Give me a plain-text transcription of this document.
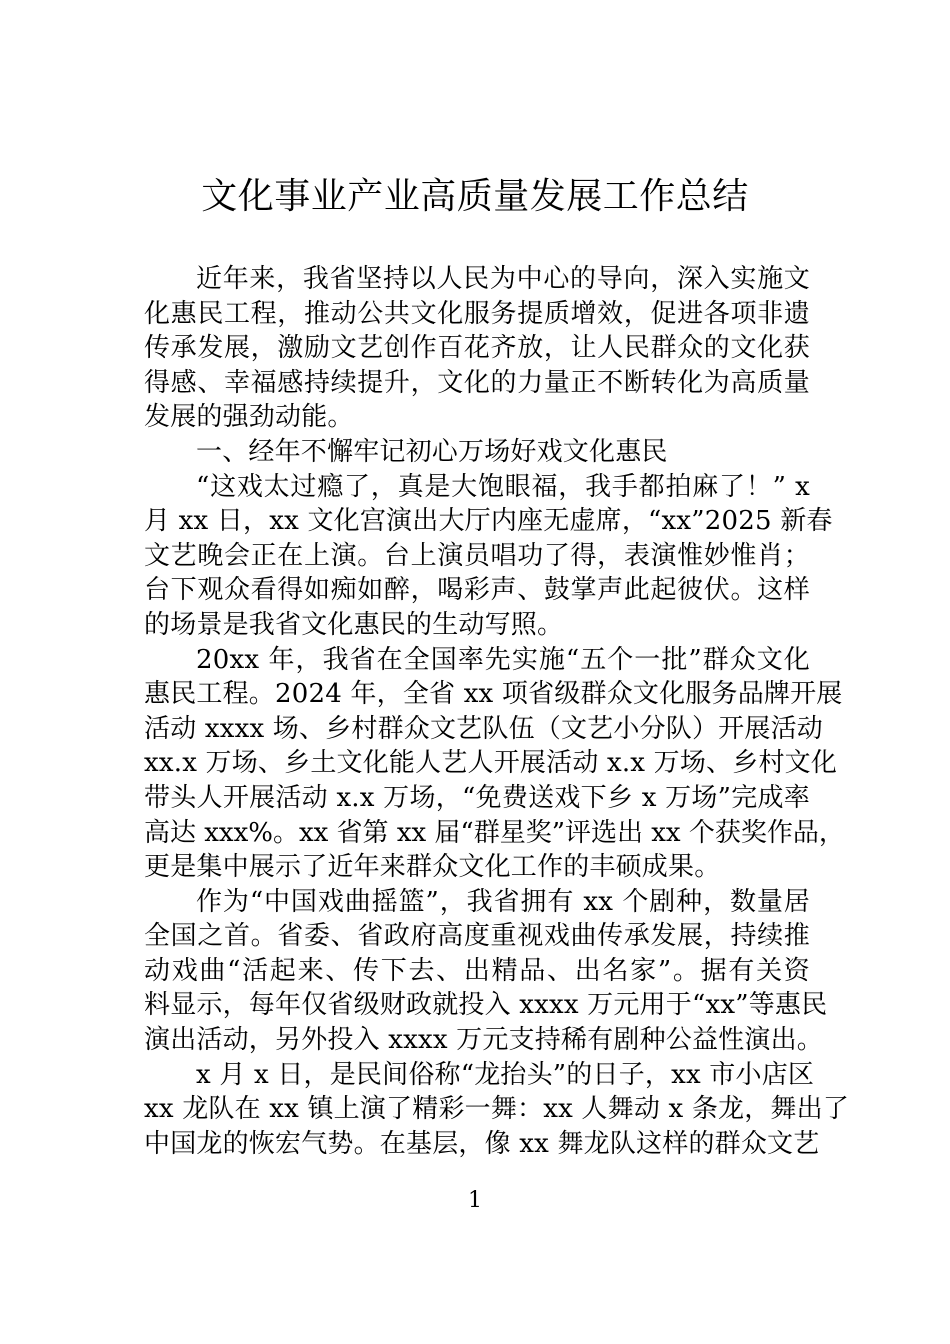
文化事业产业高质量发展工作总结
近年来，我省坚持以人民为中心的导向，深入实施文
化惠民工程，推动公共文化服务提质增效，促进各项非遗
传承发展，激励文艺创作百花齐放，让人民群众的文化获
得感、幸福感持续提升，文化的力量正不断转化为高质量
发展的强劲动能。
一、经年不懈牢记初心万场好戏文化惠民
“这戏太过瘾了，真是大饱眼福，我手都拍麻了！” x
月 xx 日，xx 文化宫演出大厅内座无虚席，“xx”2025 新春
文艺晚会正在上演。台上演员唱功了得，表演惟妙惟肖；
台下观众看得如痴如醉，喝彩声、鼓掌声此起彼伏。这样
的场景是我省文化惠民的生动写照。
20xx 年，我省在全国率先实施“五个一批”群众文化
惠民工程。2024 年，全省 xx 项省级群众文化服务品牌开展
活动 xxxx 场、乡村群众文艺队伍（文艺小分队）开展活动
xx.x 万场、乡土文化能人艺人开展活动 x.x 万场、乡村文化
带头人开展活动 x.x 万场，“免费送戏下乡 x 万场”完成率
高达 xxx%。xx 省第 xx 届“群星奖”评选出 xx 个获奖作品，
更是集中展示了近年来群众文化工作的丰硕成果。
作为“中国戏曲摇篮”，我省拥有 xx 个剧种，数量居
全国之首。省委、省政府高度重视戏曲传承发展，持续推
动戏曲“活起来、传下去、出精品、出名家”。据有关资
料显示，每年仅省级财政就投入 xxxx 万元用于“xx”等惠民
演出活动，另外投入 xxxx 万元支持稀有剧种公益性演出。
x 月 x 日，是民间俗称“龙抬头”的日子，xx 市小店区
xx 龙队在 xx 镇上演了精彩一舞：xx 人舞动 x 条龙，舞出了
中国龙的恢宏气势。在基层，像 xx 舞龙队这样的群众文艺
1
